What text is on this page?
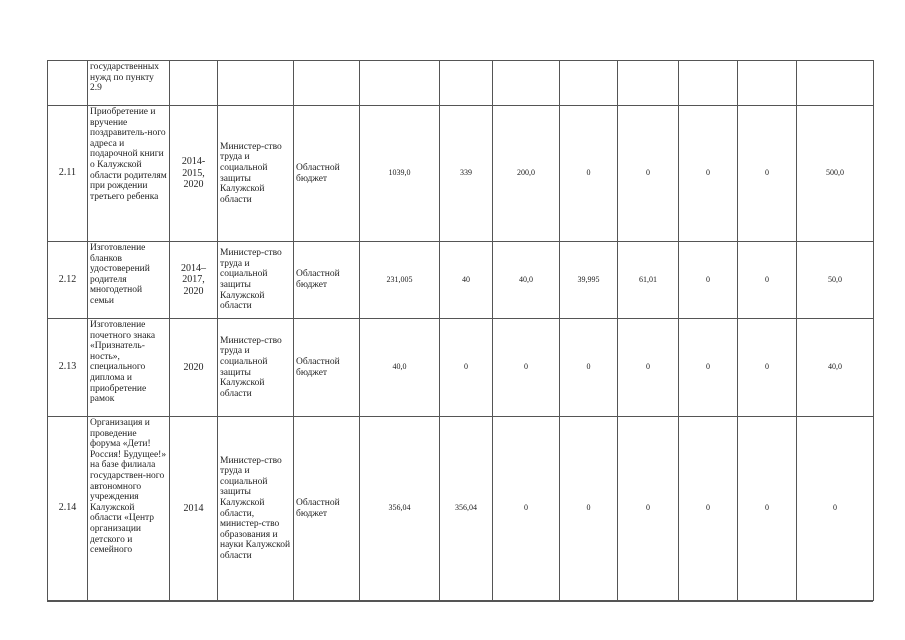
	государственных нужд по пункту 2.9											
2.11	Приобретение и вручение поздравитель-ного адреса и подарочной книги о Калужской области родителям при рождении третьего ребенка	2014-2015, 2020	Министер-ство труда и социальной защиты Калужской области	Областной бюджет	1039,0	339	200,0	0	0	0	0	500,0
2.12	Изготовление бланков удостоверений родителя многодетной семьи	2014–2017, 2020	Министер-ство труда и социальной защиты Калужской области	Областной бюджет	231,005	40	40,0	39,995	61,01	0	0	50,0
2.13	Изготовление почетного знака «Признатель-ность», специального диплома и приобретение рамок	2020	Министер-ство труда и социальной защиты Калужской области	Областной бюджет	40,0	0	0	0	0	0	0	40,0
2.14	Организация и проведение форума «Дети! Россия! Будущее!» на базе филиала государствен-ного автономного учреждения Калужской области «Центр организации детского и семейного	2014	Министер-ство труда и социальной защиты Калужской области, министер-ство образования и науки Калужской области	Областной бюджет	356,04	356,04	0	0	0	0	0	0
